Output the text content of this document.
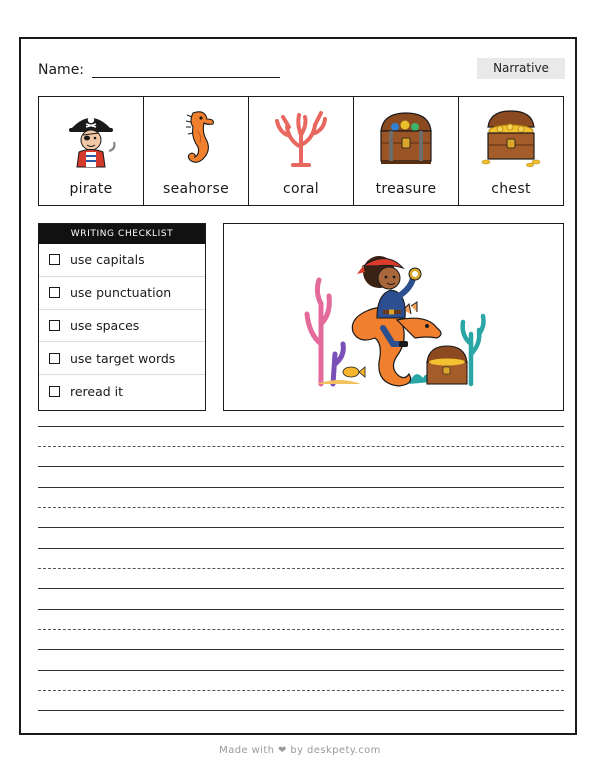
Name:	Narrative
pirate	seahorse	coral	treasure	chest
WRITING CHECKLIST
use capitals
use punctuation
use spaces
use target words
reread it
Made with ❤ by deskpety.com
